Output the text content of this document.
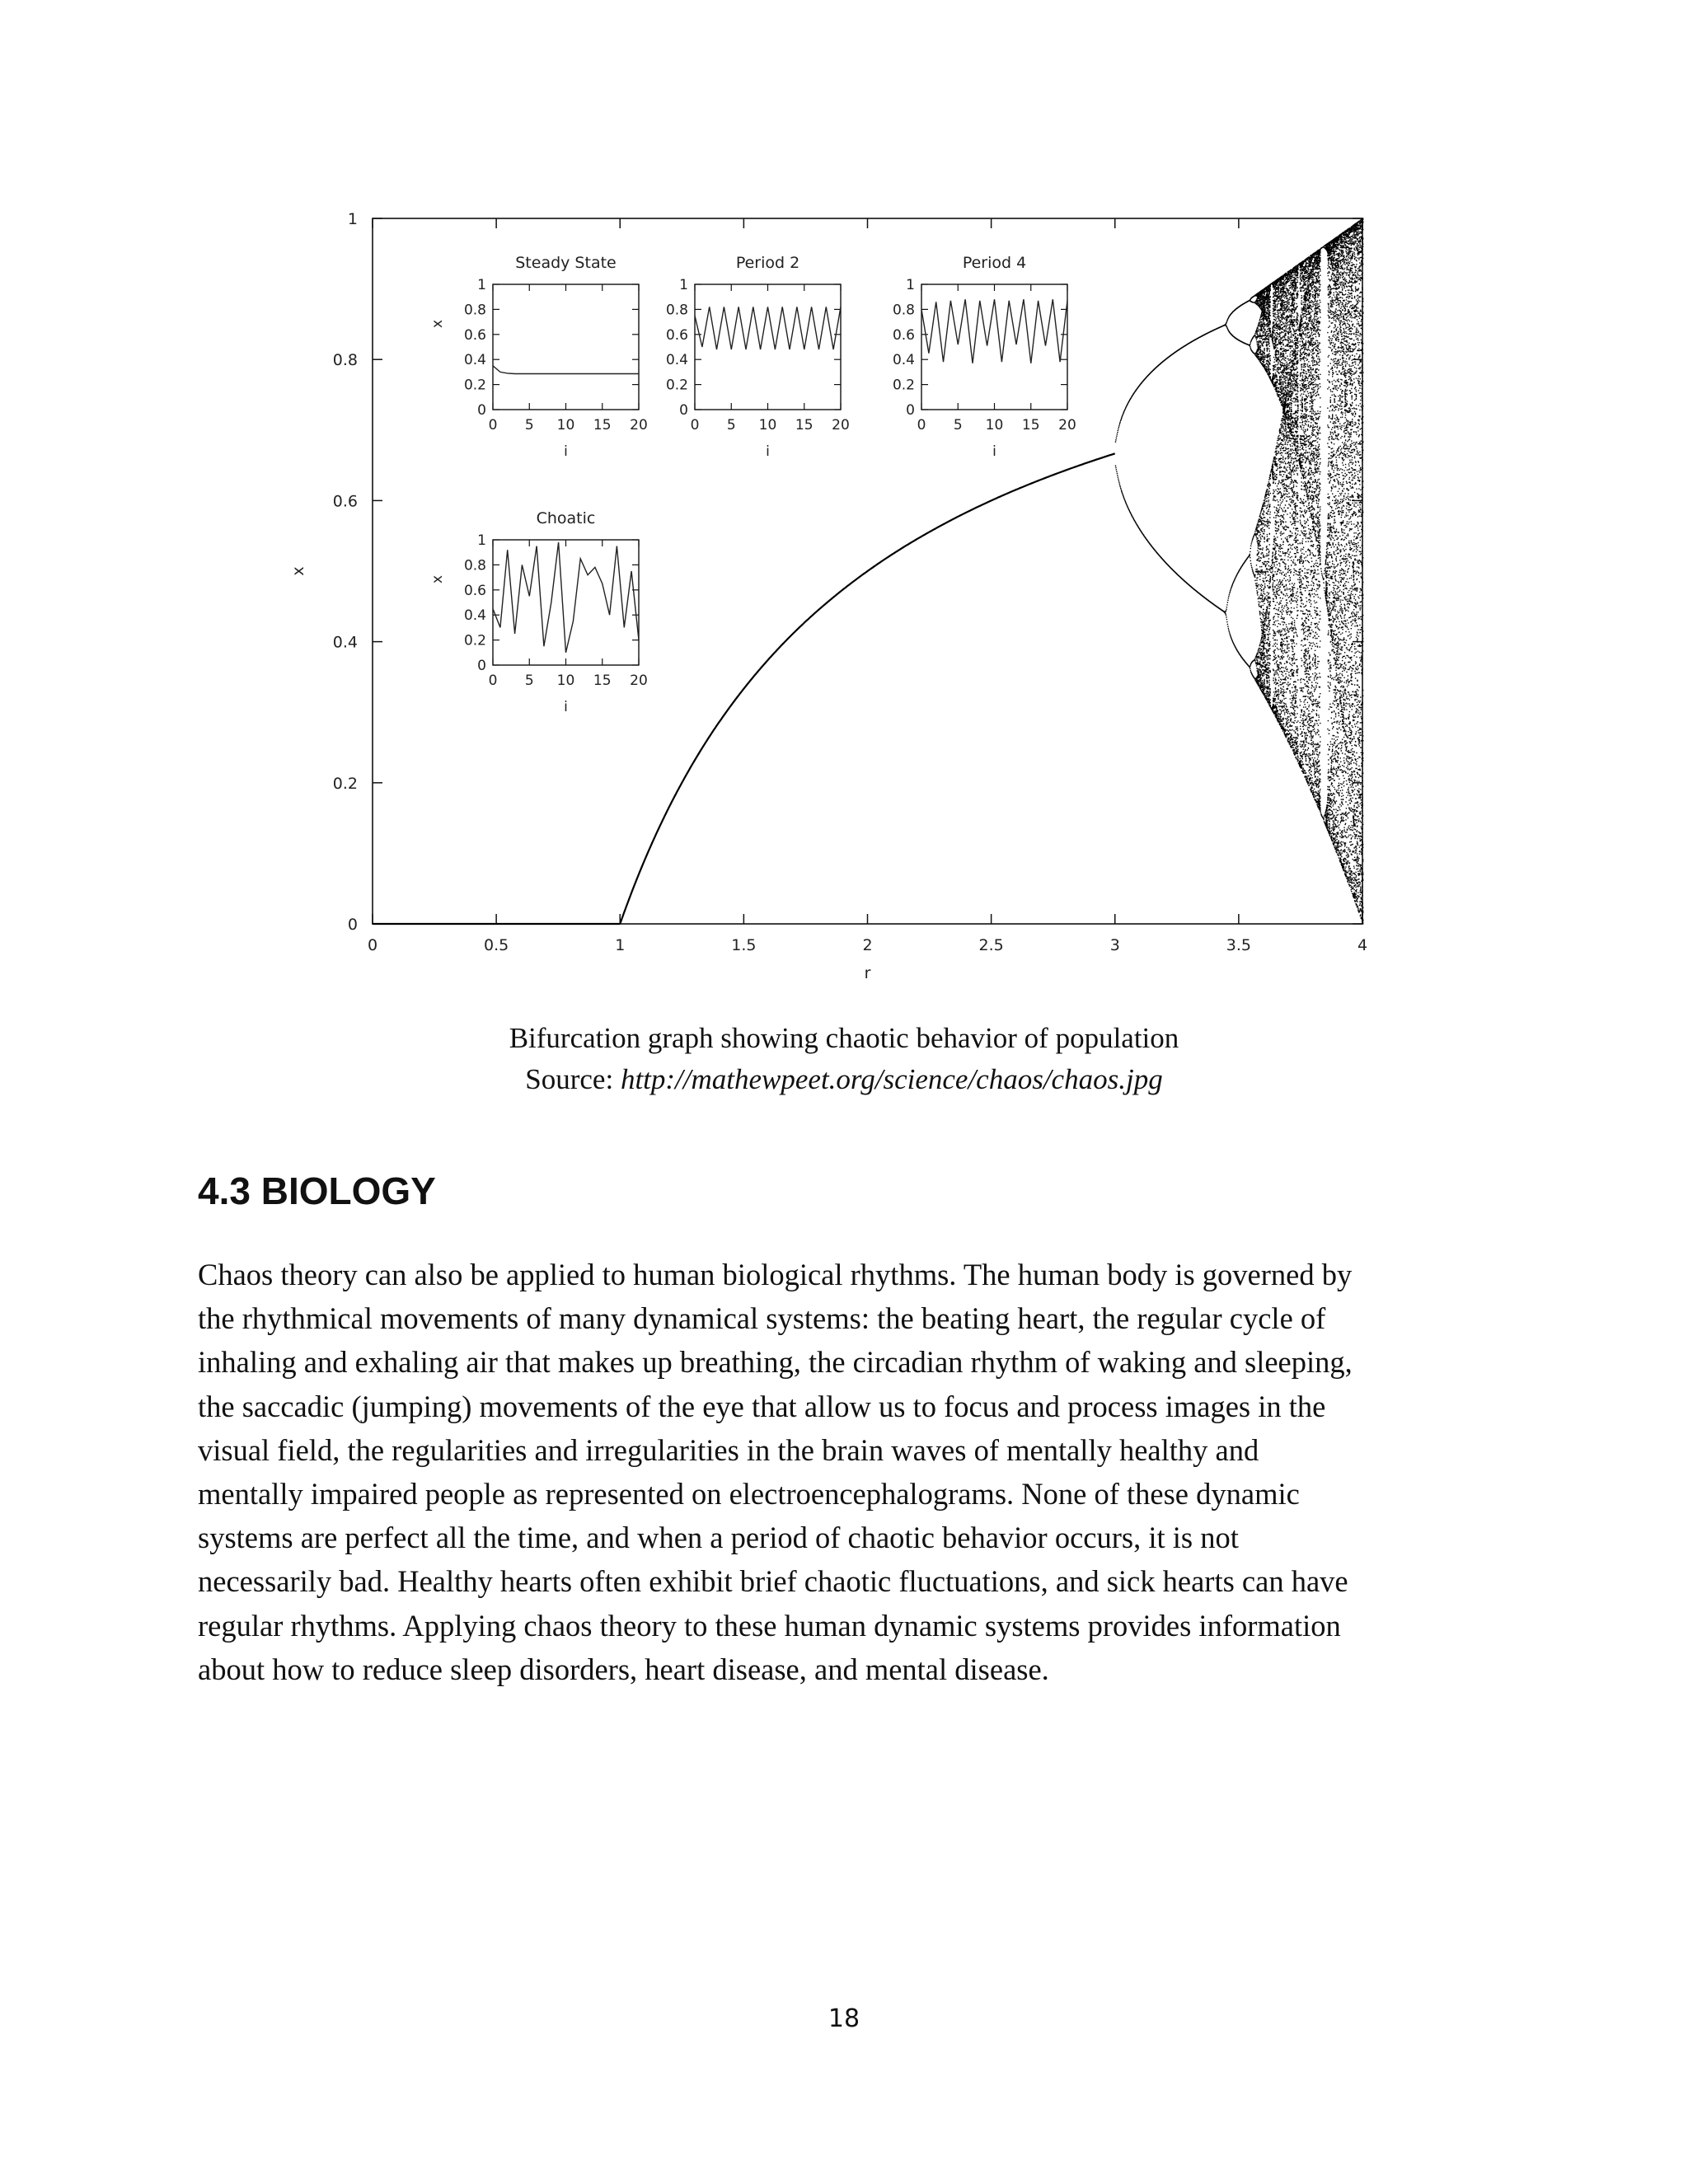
0	0.5	1	1.5	2	2.5	3	3.5	4
0
0.2
0.4
0.6
0.8
1
r
x
Steady State
0 5 10 15 20
0
0.2
0.4
0.6
0.8
1
i
x
Period 2
0 5 10 15 20
0
0.2
0.4
0.6
0.8
1
i
Period 4
0 5 10 15 20
0
0.2
0.4
0.6
0.8
1
i
Choatic
0 5 10 15 20
0
0.2
0.4
0.6
0.8
1
i
x
Bifurcation graph showing chaotic behavior of population
Source: http://mathewpeet.org/science/chaos/chaos.jpg
4.3 BIOLOGY
Chaos theory can also be applied to human biological rhythms. The human body is governed by
the rhythmical movements of many dynamical systems: the beating heart, the regular cycle of
inhaling and exhaling air that makes up breathing, the circadian rhythm of waking and sleeping,
the saccadic (jumping) movements of the eye that allow us to focus and process images in the
visual field, the regularities and irregularities in the brain waves of mentally healthy and
mentally impaired people as represented on electroencephalograms. None of these dynamic
systems are perfect all the time, and when a period of chaotic behavior occurs, it is not
necessarily bad. Healthy hearts often exhibit brief chaotic fluctuations, and sick hearts can have
regular rhythms. Applying chaos theory to these human dynamic systems provides information
about how to reduce sleep disorders, heart disease, and mental disease.
18
